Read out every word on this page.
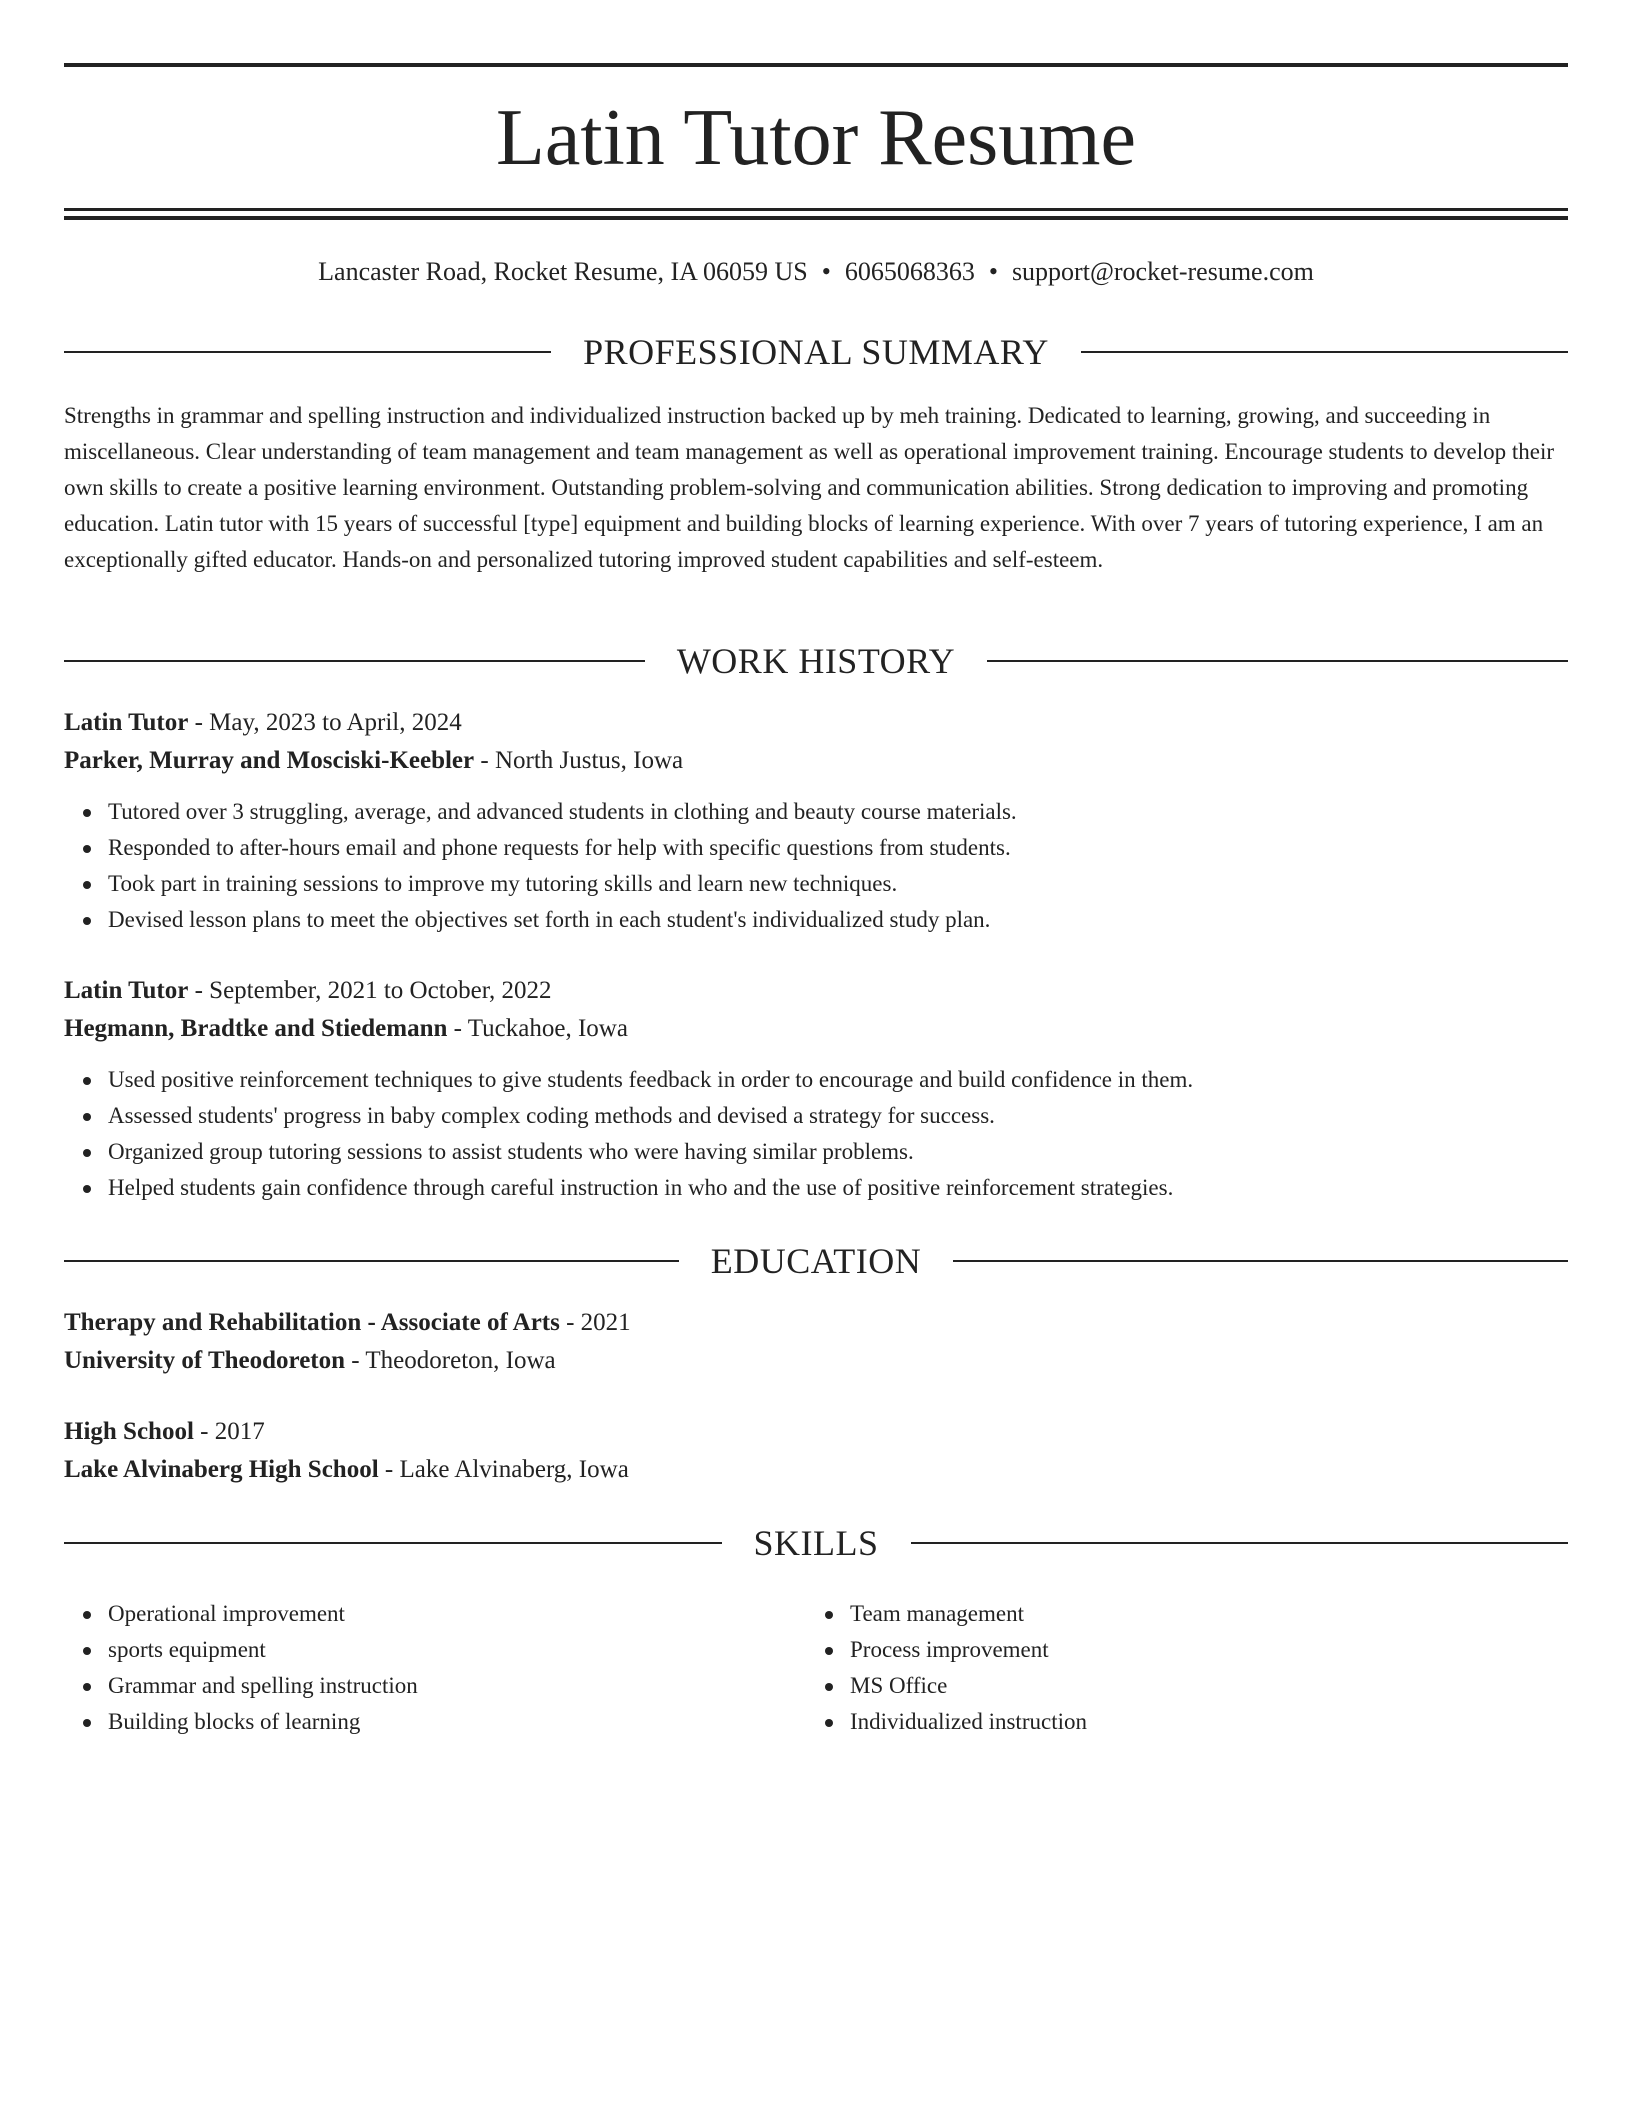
Latin Tutor Resume
Lancaster Road, Rocket Resume, IA 06059 US • 6065068363 • support@rocket-resume.com
PROFESSIONAL SUMMARY

Strengths in grammar and spelling instruction and individualized instruction backed up by meh training. Dedicated to learning, growing, and succeeding in miscellaneous. Clear understanding of team management and team management as well as operational improvement training. Encourage students to develop their own skills to create a positive learning environment. Outstanding problem-solving and communication abilities. Strong dedication to improving and promoting education. Latin tutor with 15 years of successful [type] equipment and building blocks of learning experience. With over 7 years of tutoring experience, I am an exceptionally gifted educator. Hands-on and personalized tutoring improved student capabilities and self-esteem.

WORK HISTORY
Latin Tutor - May, 2023 to April, 2024
Parker, Murray and Mosciski-Keebler - North Justus, Iowa
Tutored over 3 struggling, average, and advanced students in clothing and beauty course materials.
Responded to after-hours email and phone requests for help with specific questions from students.
Took part in training sessions to improve my tutoring skills and learn new techniques.
Devised lesson plans to meet the objectives set forth in each student's individualized study plan.
Latin Tutor - September, 2021 to October, 2022
Hegmann, Bradtke and Stiedemann - Tuckahoe, Iowa
Used positive reinforcement techniques to give students feedback in order to encourage and build confidence in them.
Assessed students' progress in baby complex coding methods and devised a strategy for success.
Organized group tutoring sessions to assist students who were having similar problems.
Helped students gain confidence through careful instruction in who and the use of positive reinforcement strategies.
EDUCATION
Therapy and Rehabilitation - Associate of Arts - 2021
University of Theodoreton - Theodoreton, Iowa
High School - 2017
Lake Alvinaberg High School - Lake Alvinaberg, Iowa
SKILLS
Operational improvement
sports equipment
Grammar and spelling instruction
Building blocks of learning
Team management
Process improvement
MS Office
Individualized instruction
